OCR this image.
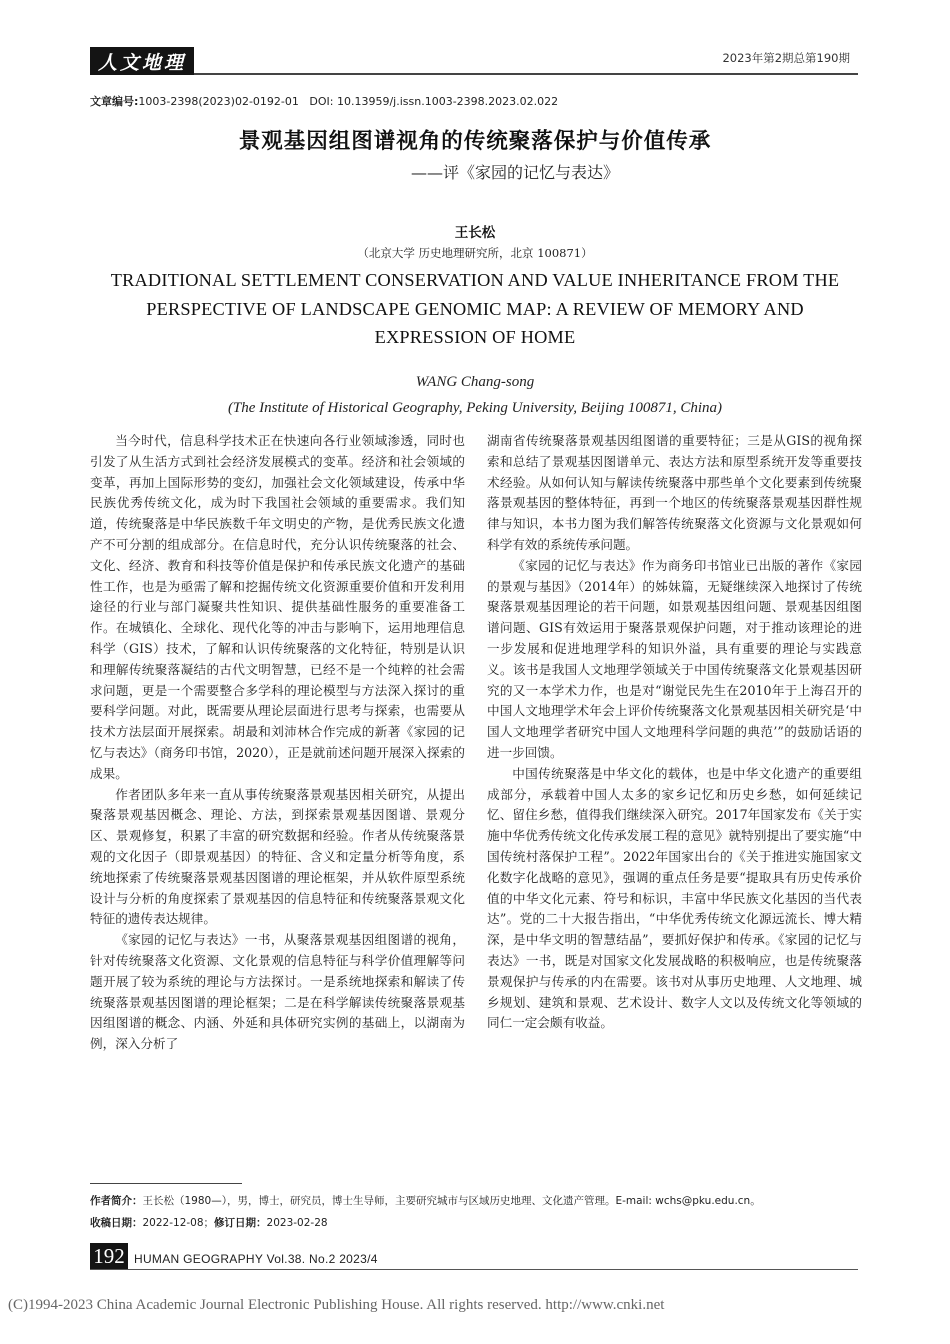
人文地理	2023年第2期总第190期
文章编号:1003-2398(2023)02-0192-01 DOI: 10.13959/j.issn.1003-2398.2023.02.022
景观基因组图谱视角的传统聚落保护与价值传承
——评《家园的记忆与表达》
王长松
（北京大学 历史地理研究所，北京 100871）
TRADITIONAL SETTLEMENT CONSERVATION AND VALUE INHERITANCE FROM THE
PERSPECTIVE OF LANDSCAPE GENOMIC MAP: A REVIEW OF MEMORY AND
EXPRESSION OF HOME
WANG Chang-song
(The Institute of Historical Geography, Peking University, Beijing 100871, China)

当今时代，信息科学技术正在快速向各行业领域渗透，同时也引发了从生活方式到社会经济发展模式的变革。经济和社会领域的变革，再加上国际形势的变幻，加强社会文化领域建设，传承中华民族优秀传统文化，成为时下我国社会领域的重要需求。我们知道，传统聚落是中华民族数千年文明史的产物，是优秀民族文化遗产不可分割的组成部分。在信息时代，充分认识传统聚落的社会、文化、经济、教育和科技等价值是保护和传承民族文化遗产的基础性工作，也是为亟需了解和挖掘传统文化资源重要价值和开发利用途径的行业与部门凝聚共性知识、提供基础性服务的重要准备工作。在城镇化、全球化、现代化等的冲击与影响下，运用地理信息科学（GIS）技术，了解和认识传统聚落的文化特征，特别是认识和理解传统聚落凝结的古代文明智慧，已经不是一个纯粹的社会需求问题，更是一个需要整合多学科的理论模型与方法深入探讨的重要科学问题。对此，既需要从理论层面进行思考与探索，也需要从技术方法层面开展探索。胡最和刘沛林合作完成的新著《家园的记忆与表达》（商务印书馆，2020），正是就前述问题开展深入探索的成果。

作者团队多年来一直从事传统聚落景观基因相关研究，从提出聚落景观基因概念、理论、方法，到探索景观基因图谱、景观分区、景观修复，积累了丰富的研究数据和经验。作者从传统聚落景观的文化因子（即景观基因）的特征、含义和定量分析等角度，系统地探索了传统聚落景观基因图谱的理论框架，并从软件原型系统设计与分析的角度探索了景观基因的信息特征和传统聚落景观文化特征的遗传表达规律。

《家园的记忆与表达》一书，从聚落景观基因组图谱的视角，针对传统聚落文化资源、文化景观的信息特征与科学价值理解等问题开展了较为系统的理论与方法探讨。一是系统地探索和解读了传统聚落景观基因图谱的理论框架；二是在科学解读传统聚落景观基因组图谱的概念、内涵、外延和具体研究实例的基础上，以湖南为例，深入分析了

湖南省传统聚落景观基因组图谱的重要特征；三是从GIS的视角探索和总结了景观基因图谱单元、表达方法和原型系统开发等重要技术经验。从如何认知与解读传统聚落中那些单个文化要素到传统聚落景观基因的整体特征，再到一个地区的传统聚落景观基因群性规律与知识，本书力图为我们解答传统聚落文化资源与文化景观如何科学有效的系统传承问题。

《家园的记忆与表达》作为商务印书馆业已出版的著作《家园的景观与基因》（2014年）的姊妹篇，无疑继续深入地探讨了传统聚落景观基因理论的若干问题，如景观基因组问题、景观基因组图谱问题、GIS有效运用于聚落景观保护问题，对于推动该理论的进一步发展和促进地理学科的知识外溢，具有重要的理论与实践意义。该书是我国人文地理学领域关于中国传统聚落文化景观基因研究的又一本学术力作，也是对“谢觉民先生在2010年于上海召开的中国人文地理学术年会上评价传统聚落文化景观基因相关研究是‘中国人文地理学者研究中国人文地理科学问题的典范’”的鼓励话语的进一步回馈。

中国传统聚落是中华文化的载体，也是中华文化遗产的重要组成部分，承载着中国人太多的家乡记忆和历史乡愁，如何延续记忆、留住乡愁，值得我们继续深入研究。2017年国家发布《关于实施中华优秀传统文化传承发展工程的意见》就特别提出了要实施“中国传统村落保护工程”。2022年国家出台的《关于推进实施国家文化数字化战略的意见》，强调的重点任务是要“提取具有历史传承价值的中华文化元素、符号和标识，丰富中华民族文化基因的当代表达”。党的二十大报告指出，“中华优秀传统文化源远流长、博大精深，是中华文明的智慧结晶”，要抓好保护和传承。《家园的记忆与表达》一书，既是对国家文化发展战略的积极响应，也是传统聚落景观保护与传承的内在需要。该书对从事历史地理、人文地理、城乡规划、建筑和景观、艺术设计、数字人文以及传统文化等领域的同仁一定会颇有收益。

作者简介：王长松（1980—），男，博士，研究员，博士生导师，主要研究城市与区域历史地理、文化遗产管理。E-mail: wchs@pku.edu.cn。
收稿日期：2022-12-08；修订日期：2023-02-28
192 HUMAN GEOGRAPHY Vol.38. No.2 2023/4
(C)1994-2023 China Academic Journal Electronic Publishing House. All rights reserved. http://www.cnki.net
